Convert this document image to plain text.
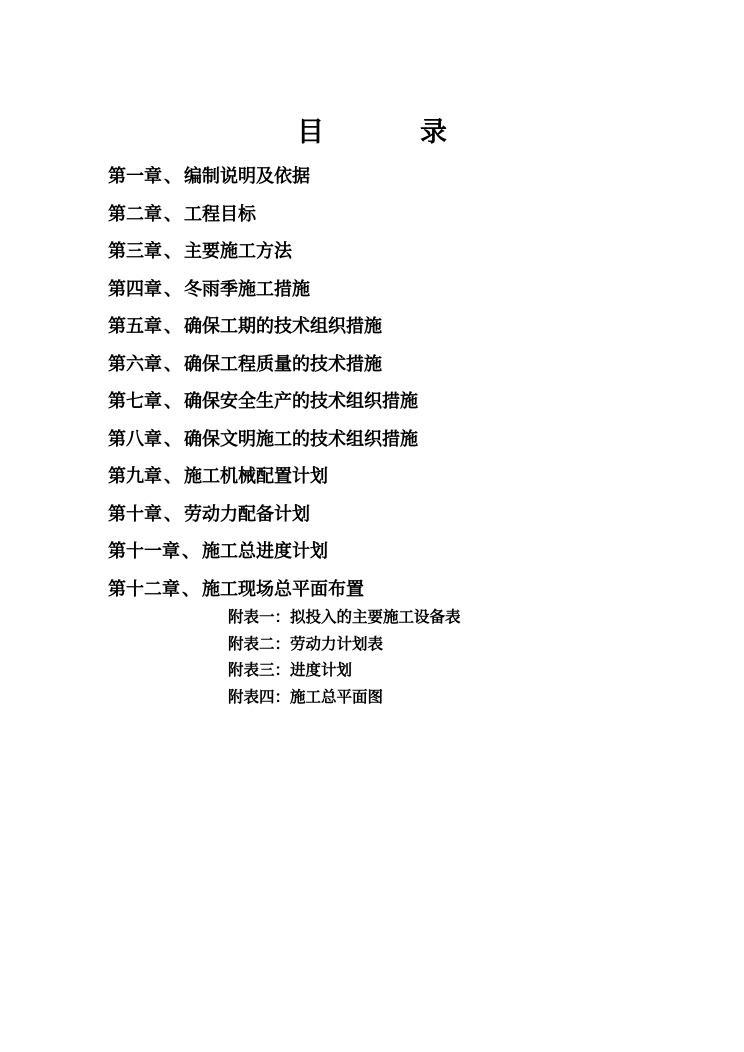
目　　录
第一章 、 编制说明及依据
第二章 、 工程目标
第三章 、 主要施工方法
第四章 、 冬雨季施工措施
第五章 、 确保工期的技术组织措施
第六章 、 确保工程质量的技术措施
第七章 、 确保安全生产的技术组织措施
第八章 、 确保文明施工的技术组织措施
第九章 、 施工机械配置计划
第十章 、 劳动力配备计划
第十一章 、 施工总进度计划
第十二章 、 施工现场总平面布置
附表一：拟投入的主要施工设备表
附表二：劳动力计划表
附表三：进度计划
附表四：施工总平面图
